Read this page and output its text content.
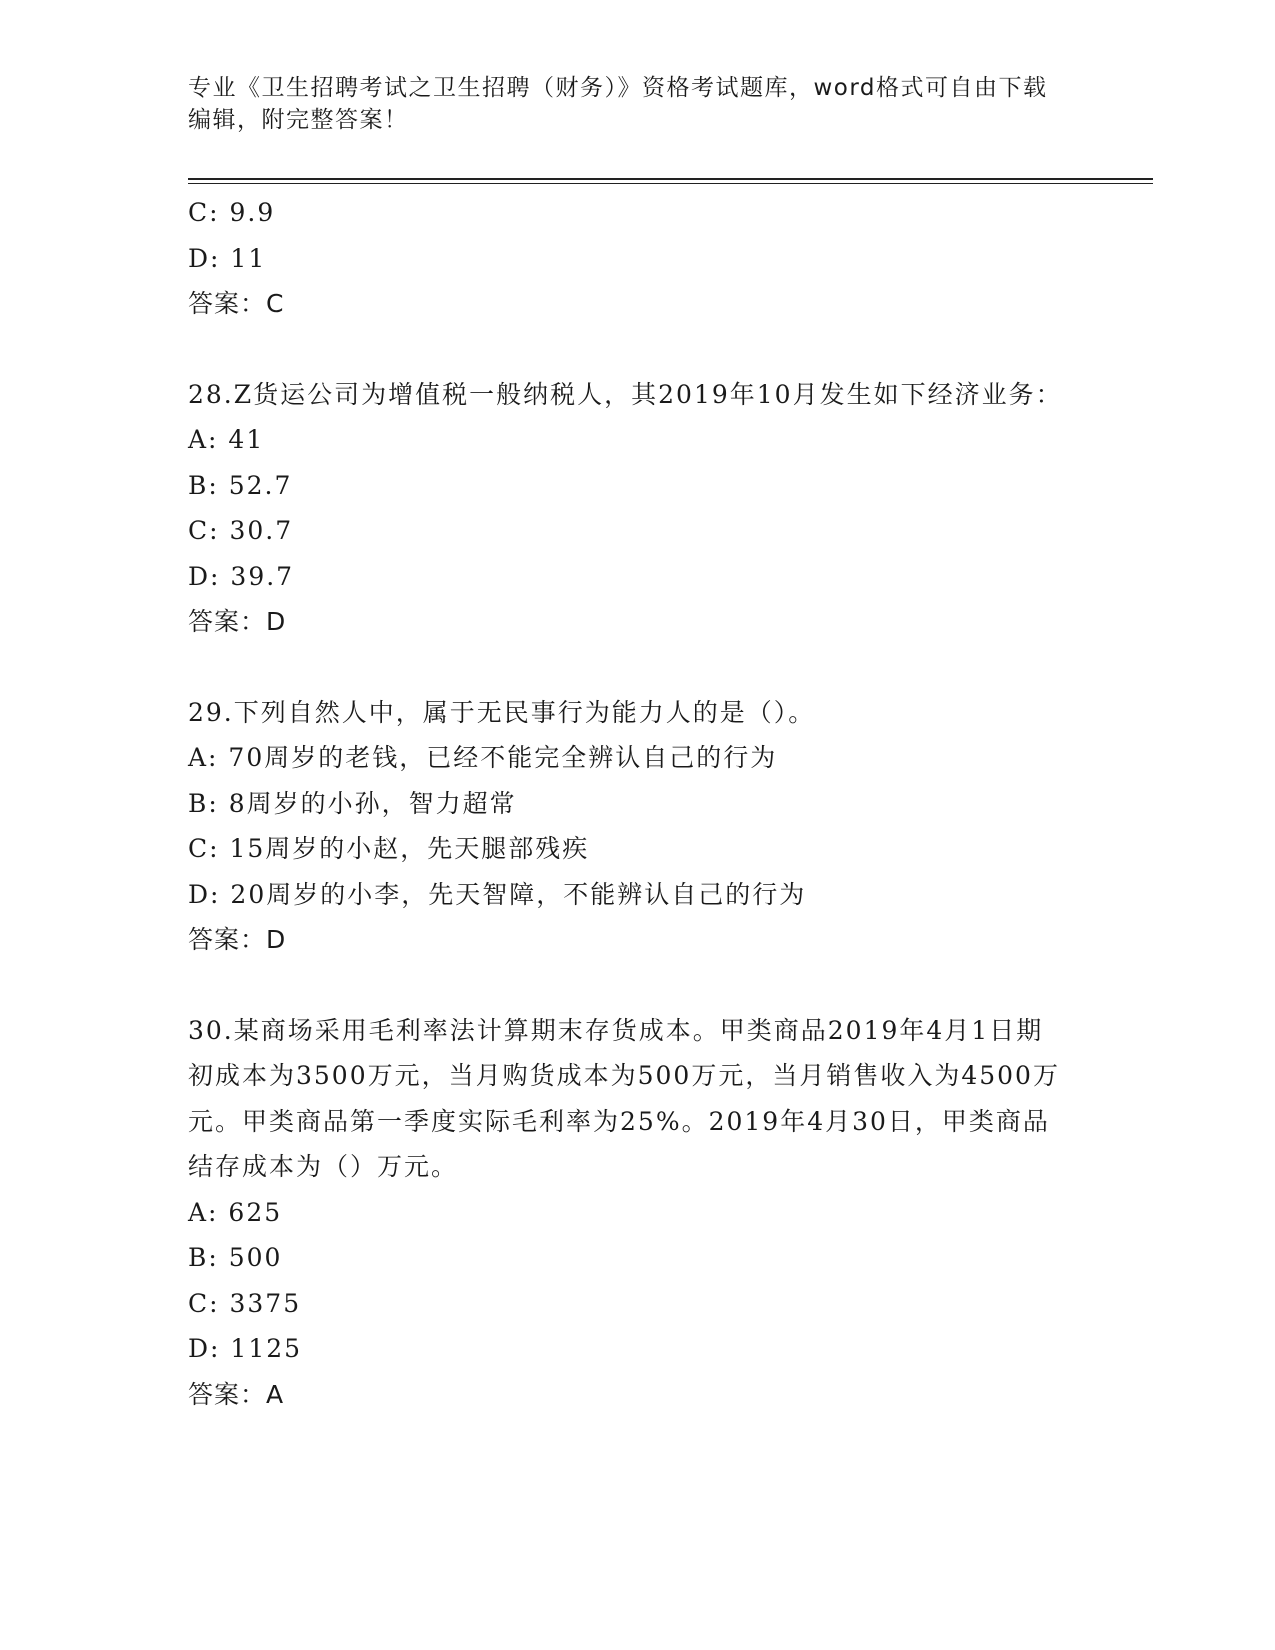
专业《卫生招聘考试之卫生招聘（财务）》资格考试题库，word格式可自由下载编辑，附完整答案！
C: 9.9
D: 11
答案：C
28.Z货运公司为增值税一般纳税人，其2019年10月发生如下经济业务：
A: 41
B: 52.7
C: 30.7
D: 39.7
答案：D
29.下列自然人中，属于无民事行为能力人的是（）。
A: 70周岁的老钱，已经不能完全辨认自己的行为
B: 8周岁的小孙，智力超常
C: 15周岁的小赵，先天腿部残疾
D: 20周岁的小李，先天智障，不能辨认自己的行为
答案：D
30.某商场采用毛利率法计算期末存货成本。甲类商品2019年4月1日期初成本为3500万元，当月购货成本为500万元，当月销售收入为4500万元。甲类商品第一季度实际毛利率为25%。2019年4月30日，甲类商品结存成本为（）万元。
A: 625
B: 500
C: 3375
D: 1125
答案：A
